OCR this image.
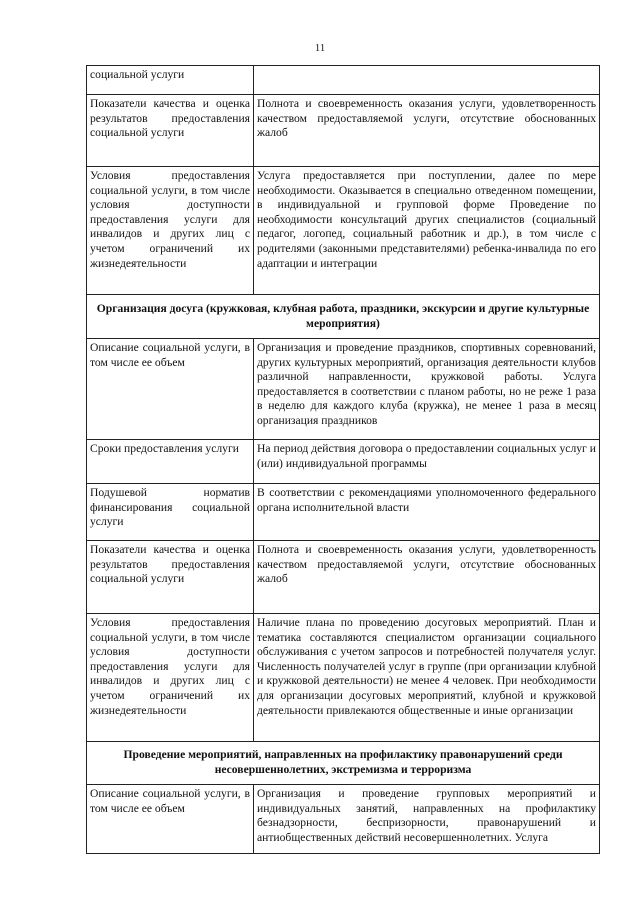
11
социальной услуги	
Показатели качества и оценка результатов предоставления социальной услуги	Полнота и своевременность оказания услуги, удовлетворенность качеством предоставляемой услуги, отсутствие обоснованных жалоб
Условия предоставления социальной услуги, в том числе условия доступности предоставления услуги для инвалидов и других лиц с учетом ограничений их жизнедеятельности	Услуга предоставляется при поступлении, далее по мере необходимости. Оказывается в специально отведенном помещении, в индивидуальной и групповой форме Проведение по необходимости консультаций других специалистов (социальный педагог, логопед, социальный работник и др.), в том числе с родителями (законными представителями) ребенка-инвалида по его адаптации и интеграции
Организация досуга (кружковая, клубная работа, праздники, экскурсии и другие культурные мероприятия)	
Описание социальной услуги, в том числе ее объем	Организация и проведение праздников, спортивных соревнований, других культурных мероприятий, организация деятельности клубов различной направленности, кружковой работы. Услуга предоставляется в соответствии с планом работы, но не реже 1 раза в неделю для каждого клуба (кружка), не менее 1 раза в месяц организация праздников
Сроки предоставления услуги	На период действия договора о предоставлении социальных услуг и (или) индивидуальной программы
Подушевой норматив финансирования социальной услуги	В соответствии с рекомендациями уполномоченного федерального органа исполнительной власти
Показатели качества и оценка результатов предоставления социальной услуги	Полнота и своевременность оказания услуги, удовлетворенность качеством предоставляемой услуги, отсутствие обоснованных жалоб
Условия предоставления социальной услуги, в том числе условия доступности предоставления услуги для инвалидов и других лиц с учетом ограничений их жизнедеятельности	Наличие плана по проведению досуговых мероприятий. План и тематика составляются специалистом организации социального обслуживания с учетом запросов и потребностей получателя услуг. Численность получателей услуг в группе (при организации клубной и кружковой деятельности) не менее 4 человек. При необходимости для организации досуговых мероприятий, клубной и кружковой деятельности привлекаются общественные и иные организации
Проведение мероприятий, направленных на профилактику правонарушений среди несовершеннолетних, экстремизма и терроризма	
Описание социальной услуги, в том числе ее объем	Организация и проведение групповых мероприятий и индивидуальных занятий, направленных на профилактику безнадзорности, беспризорности, правонарушений и антиобщественных действий несовершеннолетних. Услуга
